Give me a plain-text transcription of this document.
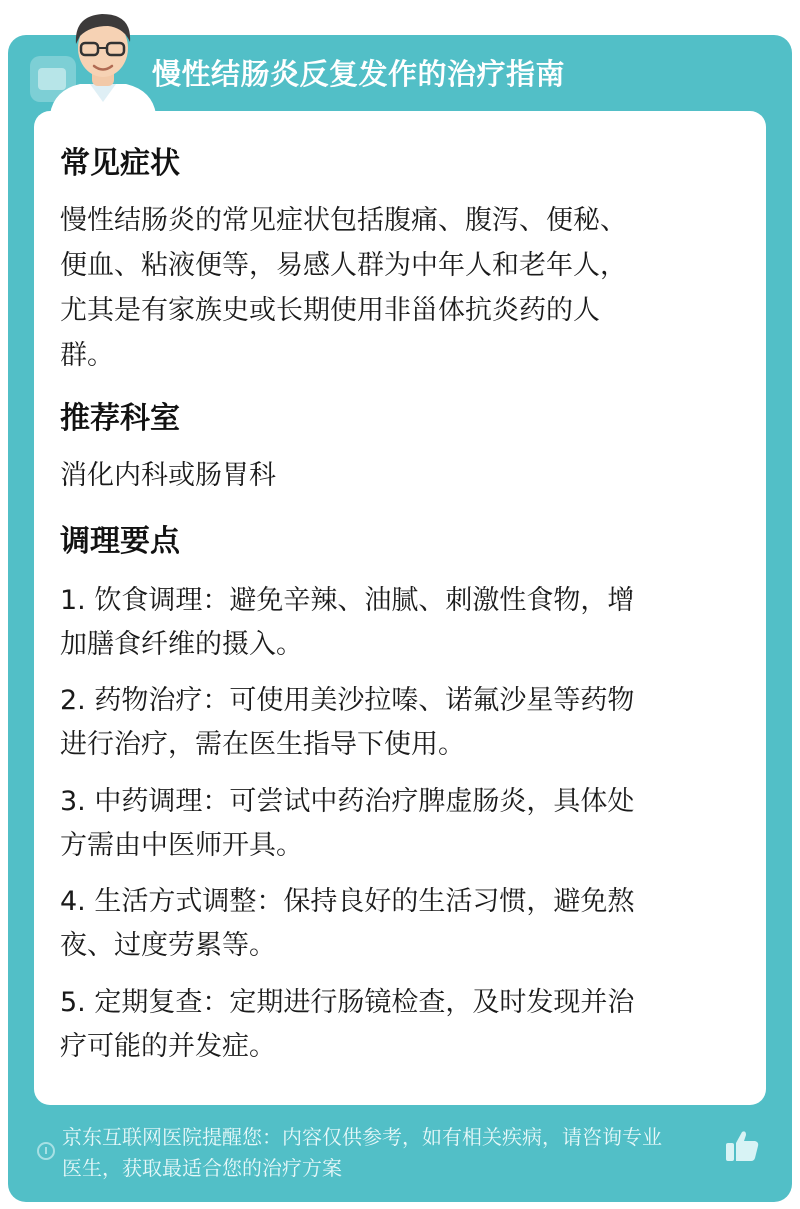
慢性结肠炎反复发作的治疗指南
常见症状
慢性结肠炎的常见症状包括腹痛、腹泻、便秘、
便血、粘液便等，易感人群为中年人和老年人，
尤其是有家族史或长期使用非甾体抗炎药的人
群。
推荐科室
消化内科或肠胃科
调理要点
1. 饮食调理：避免辛辣、油腻、刺激性食物，增
加膳食纤维的摄入。
2. 药物治疗：可使用美沙拉嗪、诺氟沙星等药物
进行治疗，需在医生指导下使用。
3. 中药调理：可尝试中药治疗脾虚肠炎，具体处
方需由中医师开具。
4. 生活方式调整：保持良好的生活习惯，避免熬
夜、过度劳累等。
5. 定期复查：定期进行肠镜检查，及时发现并治
疗可能的并发症。
京东互联网医院提醒您：内容仅供参考，如有相关疾病，请咨询专业
医生，获取最适合您的治疗方案
